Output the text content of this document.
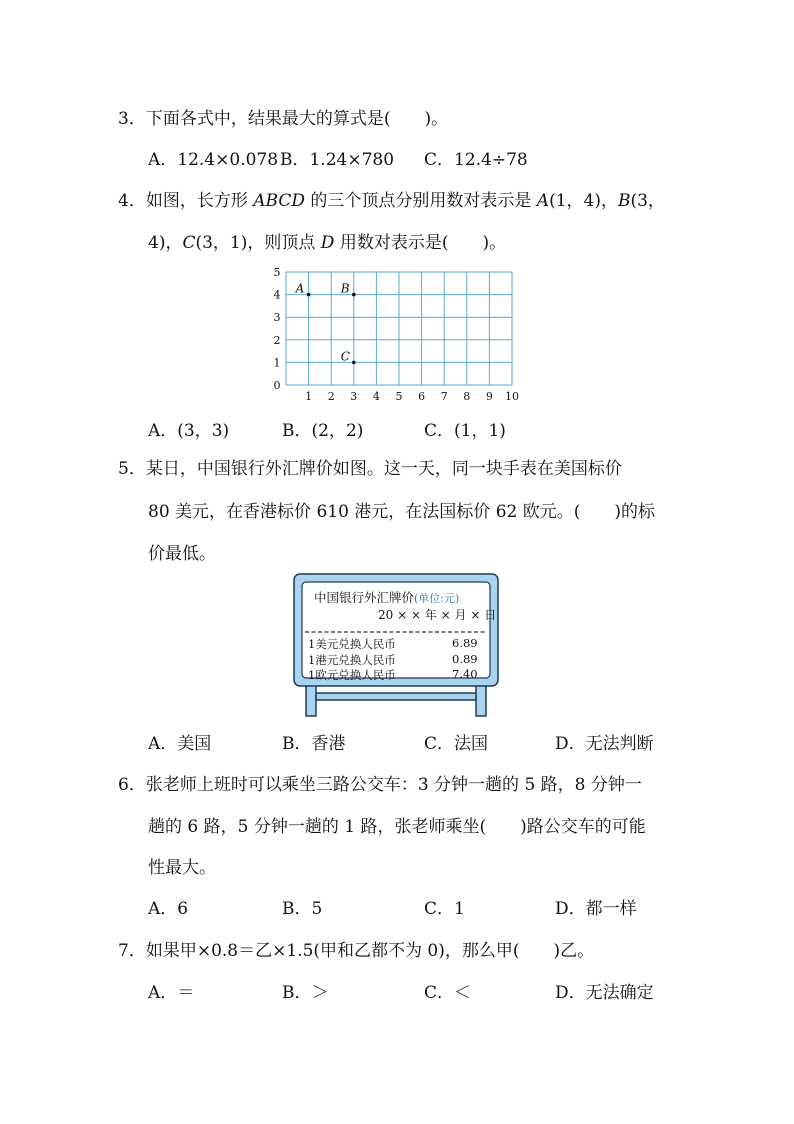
3．下面各式中，结果最大的算式是(　　)。
A．12.4×0.078 B．1.24×780 C．12.4÷78
4．如图，长方形 ABCD 的三个顶点分别用数对表示是 A(1，4)，B(3，
4)，C(3，1)，则顶点 D 用数对表示是(　　)。
1 2 3 4 5 6 7 8 9 10
0
1
2
3
4
5
A	B
C
A．(3，3)	B．(2，2)	C．(1，1)
5．某日，中国银行外汇牌价如图。这一天，同一块手表在美国标价
80 美元，在香港标价 610 港元，在法国标价 62 欧元。(　　)的标
价最低。
中国银行外汇牌价(单位:元)
20 × × 年 × 月 × 日
1美元兑换人民币	6.89
1港元兑换人民币	0.89
1欧元兑换人民币	7.40
A．美国	B．香港	C．法国	D．无法判断
6．张老师上班时可以乘坐三路公交车：3 分钟一趟的 5 路，8 分钟一
趟的 6 路，5 分钟一趟的 1 路，张老师乘坐(　　)路公交车的可能
性最大。
A．6	B．5	C．1	D．都一样
7．如果甲×0.8＝乙×1.5(甲和乙都不为 0)，那么甲(　　)乙。
A．＝	B．＞	C．＜	D．无法确定
